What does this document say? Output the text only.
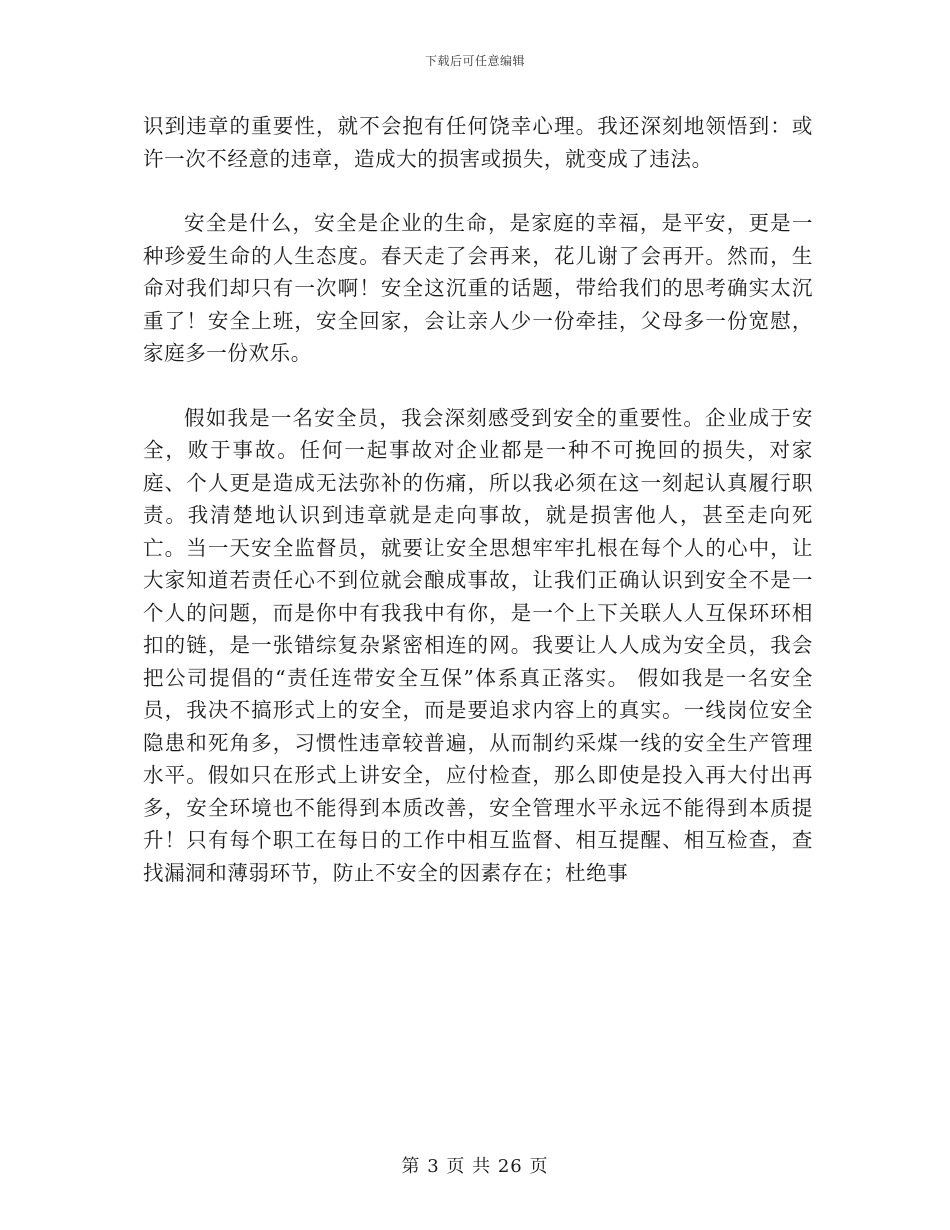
下载后可任意编辑

识到违章的重要性，就不会抱有任何饶幸心理。我还深刻地领悟到：或许一次不经意的违章，造成大的损害或损失，就变成了违法。

安全是什么，安全是企业的生命，是家庭的幸福，是平安，更是一种珍爱生命的人生态度。春天走了会再来，花儿谢了会再开。然而，生命对我们却只有一次啊！安全这沉重的话题，带给我们的思考确实太沉重了！安全上班，安全回家，会让亲人少一份牵挂，父母多一份宽慰，家庭多一份欢乐。

假如我是一名安全员，我会深刻感受到安全的重要性。企业成于安全，败于事故。任何一起事故对企业都是一种不可挽回的损失，对家庭、个人更是造成无法弥补的伤痛，所以我必须在这一刻起认真履行职责。我清楚地认识到违章就是走向事故，就是损害他人，甚至走向死亡。当一天安全监督员，就要让安全思想牢牢扎根在每个人的心中，让大家知道若责任心不到位就会酿成事故，让我们正确认识到安全不是一个人的问题，而是你中有我我中有你，是一个上下关联人人互保环环相扣的链，是一张错综复杂紧密相连的网。我要让人人成为安全员，我会把公司提倡的“责任连带安全互保”体系真正落实。 假如我是一名安全员，我决不搞形式上的安全，而是要追求内容上的真实。一线岗位安全隐患和死角多，习惯性违章较普遍，从而制约采煤一线的安全生产管理水平。假如只在形式上讲安全，应付检查，那么即使是投入再大付出再多，安全环境也不能得到本质改善，安全管理水平永远不能得到本质提升！只有每个职工在每日的工作中相互监督、相互提醒、相互检查，查找漏洞和薄弱环节，防止不安全的因素存在；杜绝事

第 3 页 共 26 页
